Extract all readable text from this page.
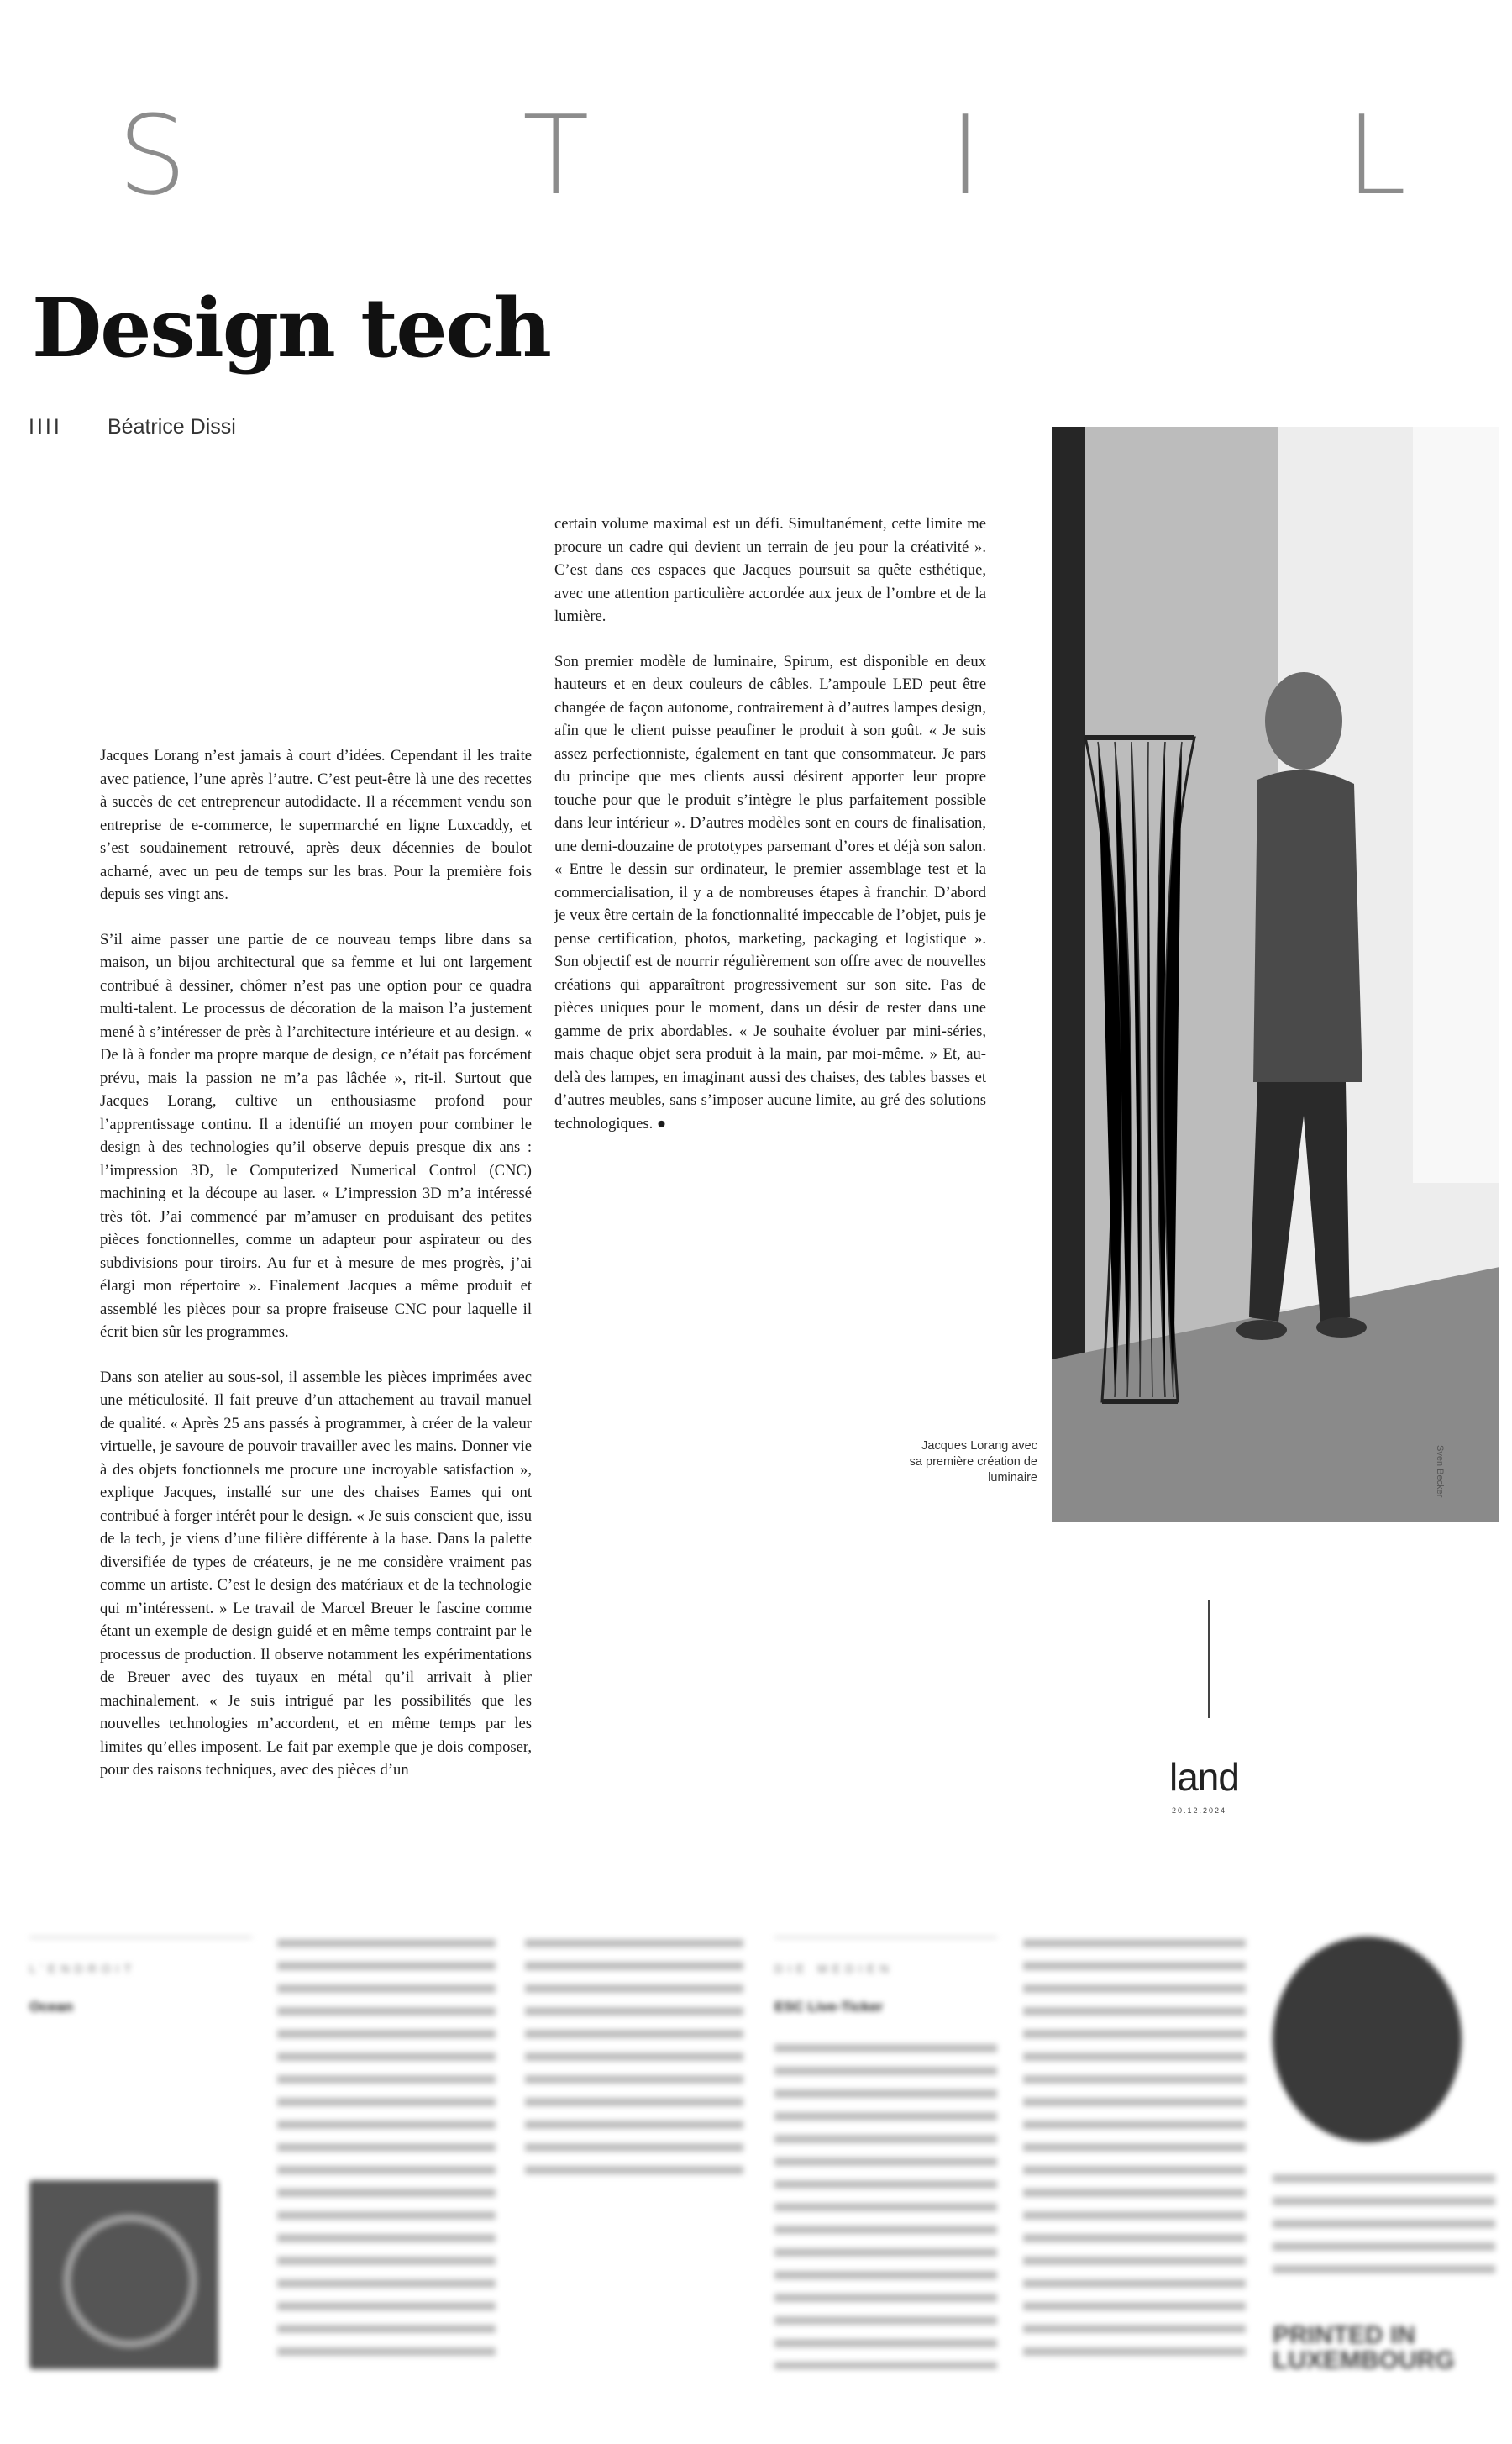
S	T	I	L
Design tech
IIII Béatrice Dissi

Jacques Lorang n’est jamais à court d’idées. Cependant il les traite avec patience, l’une après l’autre. C’est peut-être là une des recettes à succès de cet entrepreneur autodidacte. Il a récemment vendu son entreprise de e-commerce, le supermarché en ligne Luxcaddy, et s’est soudainement retrouvé, après deux décennies de boulot acharné, avec un peu de temps sur les bras. Pour la première fois depuis ses vingt ans.

S’il aime passer une partie de ce nouveau temps libre dans sa maison, un bijou architectural que sa femme et lui ont largement contribué à dessiner, chômer n’est pas une option pour ce quadra multi-talent. Le processus de décoration de la maison l’a justement mené à s’intéresser de près à l’architecture intérieure et au design. « De là à fonder ma propre marque de design, ce n’était pas forcément prévu, mais la passion ne m’a pas lâchée », rit-il. Surtout que Jacques Lorang, cultive un enthousiasme profond pour l’apprentissage continu. Il a identifié un moyen pour combiner le design à des technologies qu’il observe depuis presque dix ans : l’impression 3D, le Computerized Numerical Control (CNC) machining et la découpe au laser. « L’impression 3D m’a intéressé très tôt. J’ai commencé par m’amuser en produisant des petites pièces fonctionnelles, comme un adapteur pour aspirateur ou des subdivisions pour tiroirs. Au fur et à mesure de mes progrès, j’ai élargi mon répertoire ». Finalement Jacques a même produit et assemblé les pièces pour sa propre fraiseuse CNC pour laquelle il écrit bien sûr les programmes.

Dans son atelier au sous-sol, il assemble les pièces imprimées avec une méticulosité. Il fait preuve d’un attachement au travail manuel de qualité. « Après 25 ans passés à programmer, à créer de la valeur virtuelle, je savoure de pouvoir travailler avec les mains. Donner vie à des objets fonctionnels me procure une incroyable satisfaction », explique Jacques, installé sur une des chaises Eames qui ont contribué à forger intérêt pour le design. « Je suis conscient que, issu de la tech, je viens d’une filière différente à la base. Dans la palette diversifiée de types de créateurs, je ne me considère vraiment pas comme un artiste. C’est le design des matériaux et de la technologie qui m’intéressent. » Le travail de Marcel Breuer le fascine comme étant un exemple de design guidé et en même temps contraint par le processus de production. Il observe notamment les expérimentations de Breuer avec des tuyaux en métal qu’il arrivait à plier machinalement. « Je suis intrigué par les possibilités que les nouvelles technologies m’accordent, et en même temps par les limites qu’elles imposent. Le fait par exemple que je dois composer, pour des raisons techniques, avec des pièces d’un

certain volume maximal est un défi. Simultanément, cette limite me procure un cadre qui devient un terrain de jeu pour la créativité ». C’est dans ces espaces que Jacques poursuit sa quête esthétique, avec une attention particulière accordée aux jeux de l’ombre et de la lumière.

Son premier modèle de luminaire, Spirum, est disponible en deux hauteurs et en deux couleurs de câbles. L’ampoule LED peut être changée de façon autonome, contrairement à d’autres lampes design, afin que le client puisse peaufiner le produit à son goût. « Je suis assez perfectionniste, également en tant que consommateur. Je pars du principe que mes clients aussi désirent apporter leur propre touche pour que le produit s’intègre le plus parfaitement possible dans leur intérieur ». D’autres modèles sont en cours de finalisation, une demi-douzaine de prototypes parsemant d’ores et déjà son salon. « Entre le dessin sur ordinateur, le premier assemblage test et la commercialisation, il y a de nombreuses étapes à franchir. D’abord je veux être certain de la fonctionnalité impeccable de l’objet, puis je pense certification, photos, marketing, packaging et logistique ». Son objectif est de nourrir régulièrement son offre avec de nouvelles créations qui apparaîtront progressivement sur son site. Pas de pièces uniques pour le moment, dans un désir de rester dans une gamme de prix abordables. « Je souhaite évoluer par mini-séries, mais chaque objet sera produit à la main, par moi-même. » Et, au-delà des lampes, en imaginant aussi des chaises, des tables basses et d’autres meubles, sans s’imposer aucune limite, au gré des solutions technologiques. ●

Jacques Lorang avec sa première création de luminaire	Sven Becker
land
20.12.2024
L’ENDROIT
Ocean
DIE MEDIEN
ESC Live-Ticker
PRINTED IN LUXEMBOURG
